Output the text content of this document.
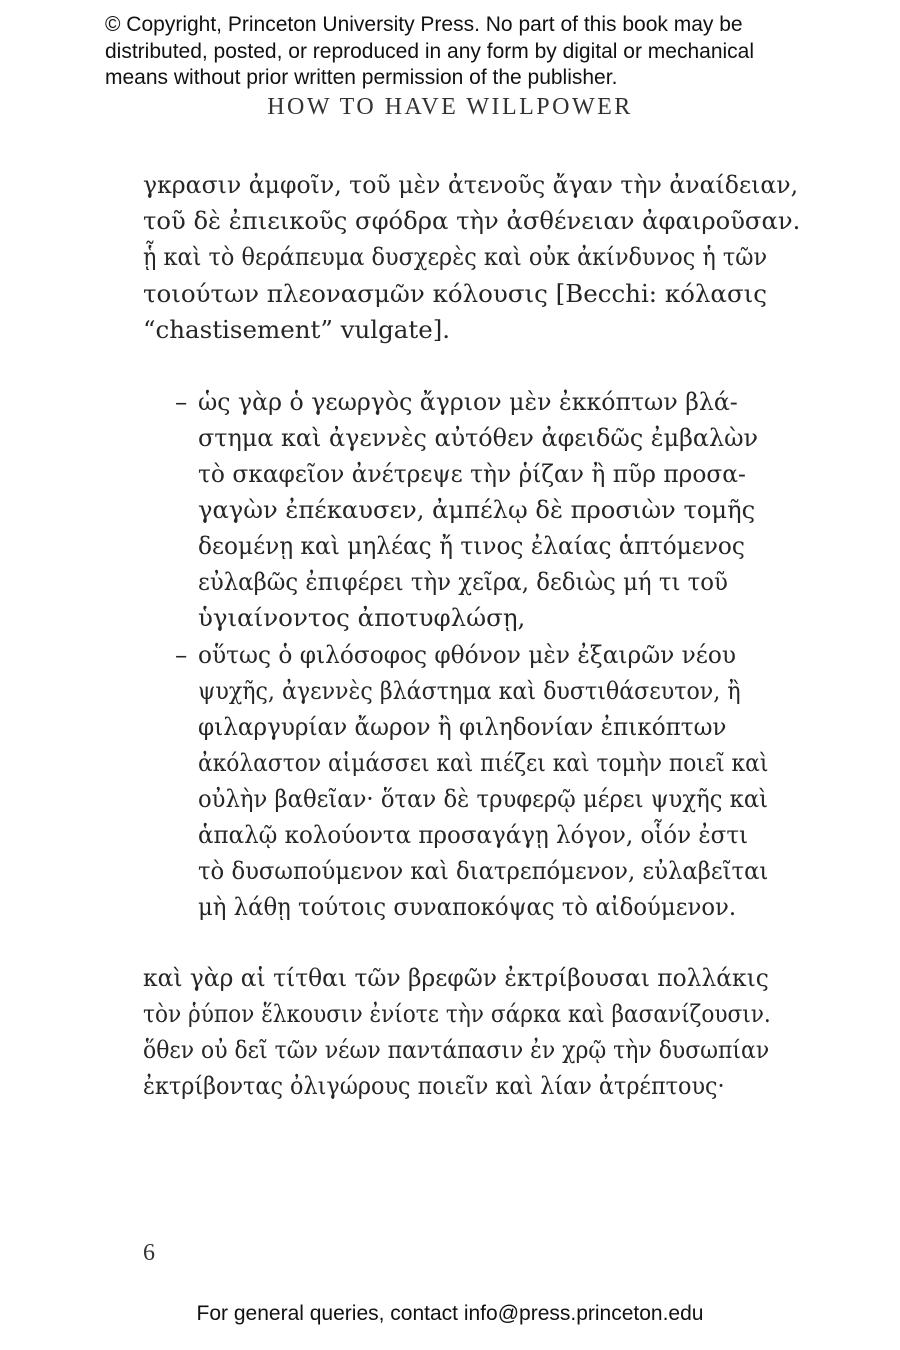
© Copyright, Princeton University Press. No part of this book may be
distributed, posted, or reproduced in any form by digital or mechanical
means without prior written permission of the publisher.
HOW TO HAVE WILLPOWER
γκρασιν ἀμφοῖν, τοῦ μὲν ἀτενοῦς ἄγαν τὴν ἀναίδειαν,
τοῦ δὲ ἐπιεικοῦς σφόδρα τὴν ἀσθένειαν ἀφαιροῦσαν.
ᾗ καὶ τὸ θεράπευμα δυσχερὲς καὶ οὐκ ἀκίνδυνος ἡ τῶν
τοιούτων πλεονασμῶν κόλουσις [Becchi: κόλασις
“chastisement” vulgate].
– ὡς γὰρ ὁ γεωργὸς ἄγριον μὲν ἐκκόπτων βλά-
στημα καὶ ἀγεννὲς αὐτόθεν ἀφειδῶς ἐμβαλὼν
τὸ σκαφεῖον ἀνέτρεψε τὴν ῥίζαν ἢ πῦρ προσα-
γαγὼν ἐπέκαυσεν, ἀμπέλῳ δὲ προσιὼν τομῆς
δεομένῃ καὶ μηλέας ἤ τινος ἐλαίας ἁπτόμενος
εὐλαβῶς ἐπιφέρει τὴν χεῖρα, δεδιὼς μή τι τοῦ
ὑγιαίνοντος ἀποτυφλώσῃ,
– οὕτως ὁ φιλόσοφος φθόνον μὲν ἐξαιρῶν νέου
ψυχῆς, ἀγεννὲς βλάστημα καὶ δυστιθάσευτον, ἢ
φιλαργυρίαν ἄωρον ἢ φιληδονίαν ἐπικόπτων
ἀκόλαστον αἱμάσσει καὶ πιέζει καὶ τομὴν ποιεῖ καὶ
οὐλὴν βαθεῖαν· ὅταν δὲ τρυφερῷ μέρει ψυχῆς καὶ
ἁπαλῷ κολούοντα προσαγάγῃ λόγον, οἷόν ἐστι
τὸ δυσωπούμενον καὶ διατρεπόμενον, εὐλαβεῖται
μὴ λάθῃ τούτοις συναποκόψας τὸ αἰδούμενον.
καὶ γὰρ αἱ τίτθαι τῶν βρεφῶν ἐκτρίβουσαι πολλάκις
τὸν ῥύπον ἕλκουσιν ἐνίοτε τὴν σάρκα καὶ βασανίζουσιν.
ὅθεν οὐ δεῖ τῶν νέων παντάπασιν ἐν χρῷ τὴν δυσωπίαν
ἐκτρίβοντας ὀλιγώρους ποιεῖν καὶ λίαν ἀτρέπτους·
6
For general queries, contact info@press.princeton.edu
